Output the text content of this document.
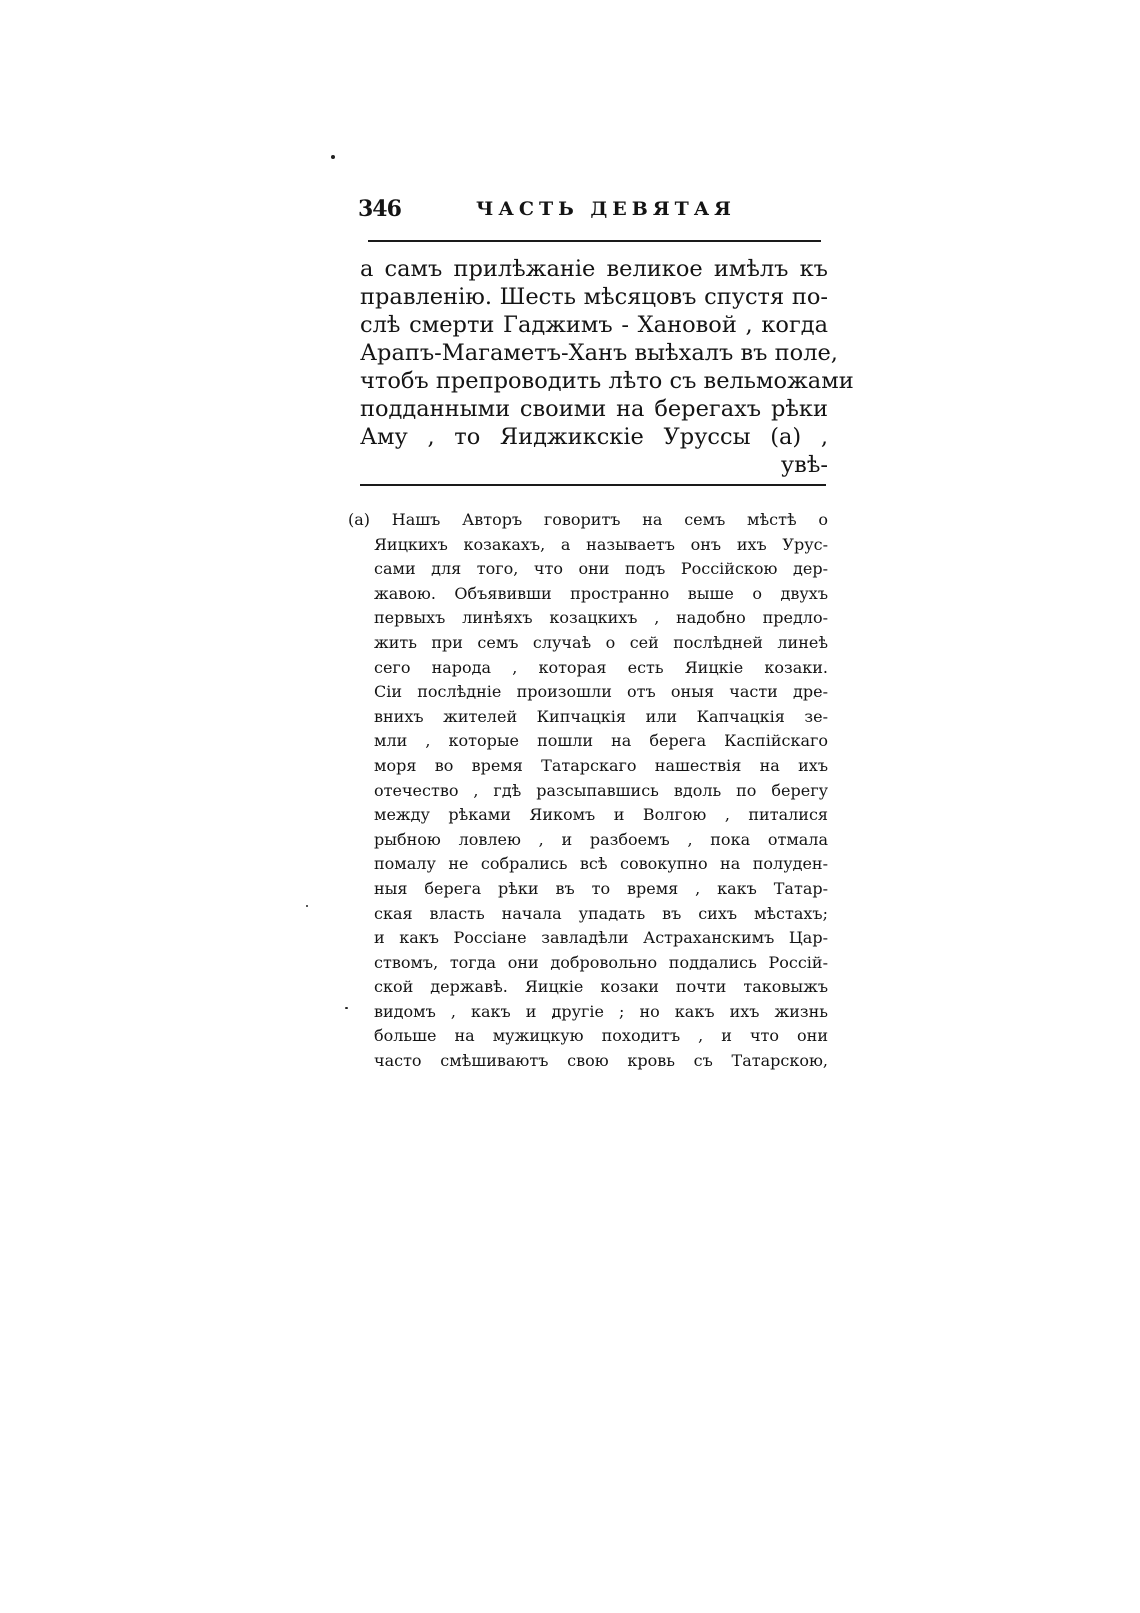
346	ЧАСТЬ ДЕВЯТАЯ
а самъ прилѣжаніе великое имѣлъ къ
правленію. Шесть мѣсяцовъ спустя по-
слѣ смерти Гаджимъ - Хановой , когда
Арапъ-Магаметъ-Ханъ выѣхалъ въ поле,
чтобъ препроводить лѣто съ вельможами
подданными своими на берегахъ рѣки
Аму , то Яиджикскіе Уруссы (a) ,
увѣ-
(a) Нашъ Авторъ говоритъ на семъ мѣстѣ о
Яицкихъ козакахъ, а называетъ онъ ихъ Урус-
сами для того, что они подъ Россійскою дер-
жавою. Объявивши пространно выше о двухъ
первыхъ линѣяхъ козацкихъ , надобно предло-
жить при семъ случаѣ о сей послѣдней линеѣ
сего народа , которая есть Яицкіе козаки.
Сіи послѣдніе произошли отъ оныя части дре-
внихъ жителей Кипчацкія или Капчацкія зе-
мли , которые пошли на берега Каспійскаго
моря во время Татарскаго нашествія на ихъ
отечество , гдѣ разсыпавшись вдоль по берегу
между рѣками Яикомъ и Волгою , питалися
рыбною ловлею , и разбоемъ , пока отмала
помалу не собрались всѣ совокупно на полуден-
ныя берега рѣки въ то время , какъ Татар-
ская власть начала упадать въ сихъ мѣстахъ;
и какъ Россіане завладѣли Астраханскимъ Цар-
ствомъ, тогда они добровольно поддались Россій-
ской державѣ. Яицкіе козаки почти таковыжъ
видомъ , какъ и другіе ; но какъ ихъ жизнь
больше на мужицкую походитъ , и что они
часто смѣшиваютъ свою кровь съ Татарскою,
